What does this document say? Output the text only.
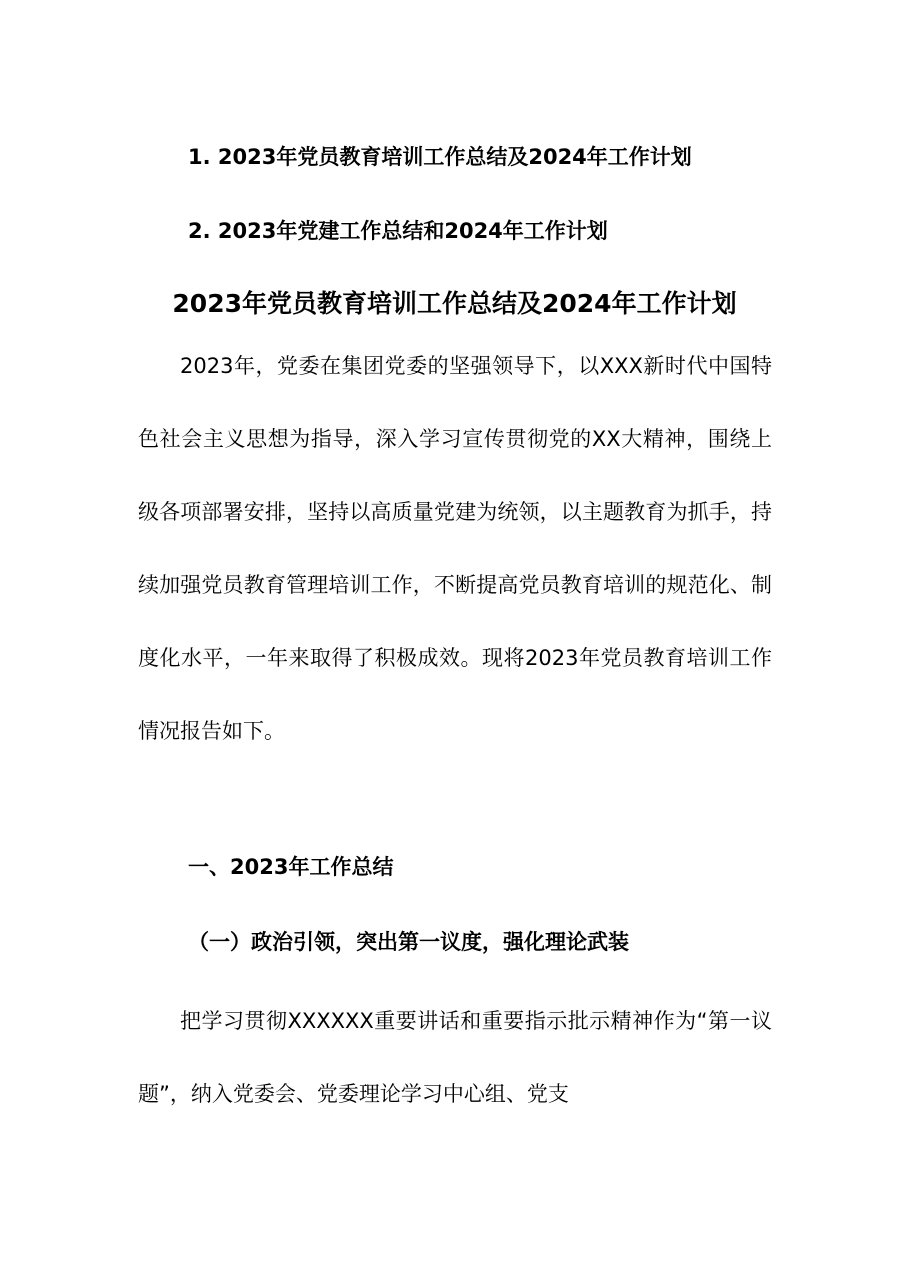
1. 2023年党员教育培训工作总结及2024年工作计划
2. 2023年党建工作总结和2024年工作计划
2023年党员教育培训工作总结及2024年工作计划
2023年，党委在集团党委的坚强领导下，以XXX新时代中国特色社会主义思想为指导，深入学习宣传贯彻党的XX大精神，围绕上级各项部署安排，坚持以高质量党建为统领，以主题教育为抓手，持续加强党员教育管理培训工作，不断提高党员教育培训的规范化、制度化水平，一年来取得了积极成效。现将2023年党员教育培训工作情况报告如下。
一、2023年工作总结
（一）政治引领，突出第一议度，强化理论武装
把学习贯彻XXXXXX重要讲话和重要指示批示精神作为“第一议题”，纳入党委会、党委理论学习中心组、党支
